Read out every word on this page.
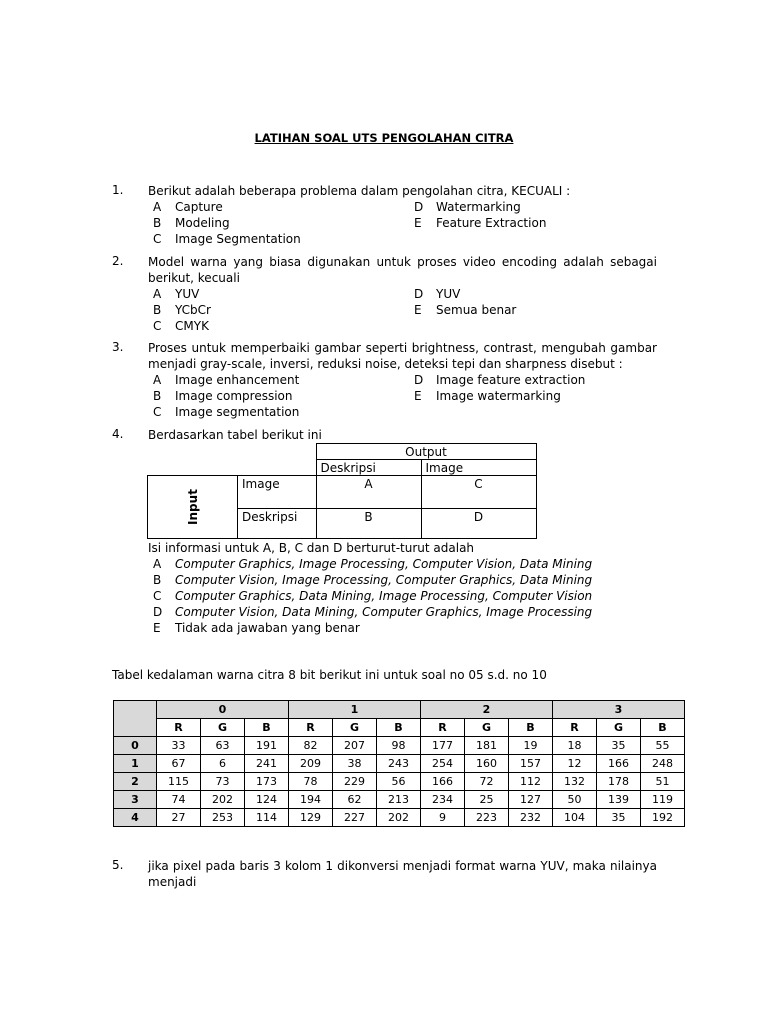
LATIHAN SOAL UTS PENGOLAHAN CITRA
1. Berikut adalah beberapa problema dalam pengolahan citra, KECUALI :
A Capture
B Modeling
C Image Segmentation
D Watermarking
E Feature Extraction
2. Model warna yang biasa digunakan untuk proses video encoding adalah sebagai berikut, kecuali
A YUV
B YCbCr
C CMYK
D YUV
E Semua benar
3. Proses untuk memperbaiki gambar seperti brightness, contrast, mengubah gambar menjadi gray-scale, inversi, reduksi noise, deteksi tepi dan sharpness disebut :
A Image enhancement
B Image compression
C Image segmentation
D Image feature extraction
E Image watermarking
4. Berdasarkan tabel berikut ini
		Output	
		Deskripsi	Image
Input	Image	A	C
	Deskripsi	B	D
Isi informasi untuk A, B, C dan D berturut-turut adalah
A Computer Graphics, Image Processing, Computer Vision, Data Mining
B Computer Vision, Image Processing, Computer Graphics, Data Mining
C Computer Graphics, Data Mining, Image Processing, Computer Vision
D Computer Vision, Data Mining, Computer Graphics, Image Processing
E Tidak ada jawaban yang benar
Tabel kedalaman warna citra 8 bit berikut ini untuk soal no 05 s.d. no 10
	0			1			2			3		
	R	G	B	R	G	B	R	G	B	R	G	B
0	33	63	191	82	207	98	177	181	19	18	35	55
1	67	6	241	209	38	243	254	160	157	12	166	248
2	115	73	173	78	229	56	166	72	112	132	178	51
3	74	202	124	194	62	213	234	25	127	50	139	119
4	27	253	114	129	227	202	9	223	232	104	35	192
5. jika pixel pada baris 3 kolom 1 dikonversi menjadi format warna YUV, maka nilainya menjadi
